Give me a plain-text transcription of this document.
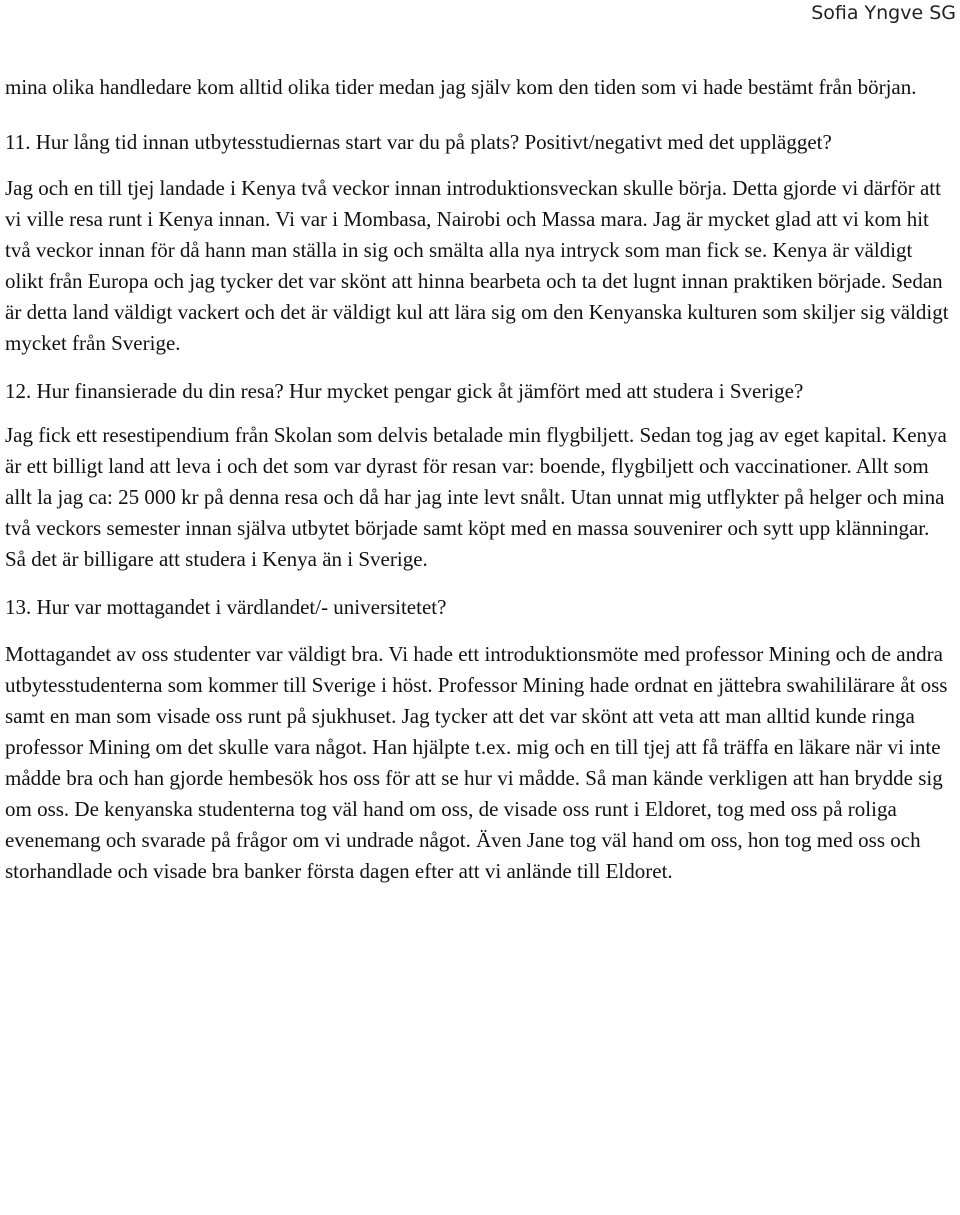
Sofia Yngve SG

mina olika handledare kom alltid olika tider medan jag själv kom den tiden som vi hade bestämt från början.

11. Hur lång tid innan utbytesstudiernas start var du på plats? Positivt/negativt med det upplägget?

Jag och en till tjej landade i Kenya två veckor innan introduktionsveckan skulle börja. Detta gjorde vi därför att vi ville resa runt i Kenya innan. Vi var i Mombasa, Nairobi och Massa mara. Jag är mycket glad att vi kom hit två veckor innan för då hann man ställa in sig och smälta alla nya intryck som man fick se. Kenya är väldigt olikt från Europa och jag tycker det var skönt att hinna bearbeta och ta det lugnt innan praktiken började. Sedan är detta land väldigt vackert och det är väldigt kul att lära sig om den Kenyanska kulturen som skiljer sig väldigt mycket från Sverige.

12. Hur finansierade du din resa? Hur mycket pengar gick åt jämfört med att studera i Sverige?

Jag fick ett resestipendium från Skolan som delvis betalade min flygbiljett. Sedan tog jag av eget kapital. Kenya är ett billigt land att leva i och det som var dyrast för resan var: boende, flygbiljett och vaccinationer. Allt som allt la jag ca: 25 000 kr på denna resa och då har jag inte levt snålt. Utan unnat mig utflykter på helger och mina två veckors semester innan själva utbytet började samt köpt med en massa souvenirer och sytt upp klänningar. Så det är billigare att studera i Kenya än i Sverige.

13. Hur var mottagandet i värdlandet/- universitetet?

Mottagandet av oss studenter var väldigt bra. Vi hade ett introduktionsmöte med professor Mining och de andra utbytesstudenterna som kommer till Sverige i höst. Professor Mining hade ordnat en jättebra swahililärare åt oss samt en man som visade oss runt på sjukhuset. Jag tycker att det var skönt att veta att man alltid kunde ringa professor Mining om det skulle vara något. Han hjälpte t.ex. mig och en till tjej att få träffa en läkare när vi inte mådde bra och han gjorde hembesök hos oss för att se hur vi mådde. Så man kände verkligen att han brydde sig om oss. De kenyanska studenterna tog väl hand om oss, de visade oss runt i Eldoret, tog med oss på roliga evenemang och svarade på frågor om vi undrade något. Även Jane tog väl hand om oss, hon tog med oss och storhandlade och visade bra banker första dagen efter att vi anlände till Eldoret.
